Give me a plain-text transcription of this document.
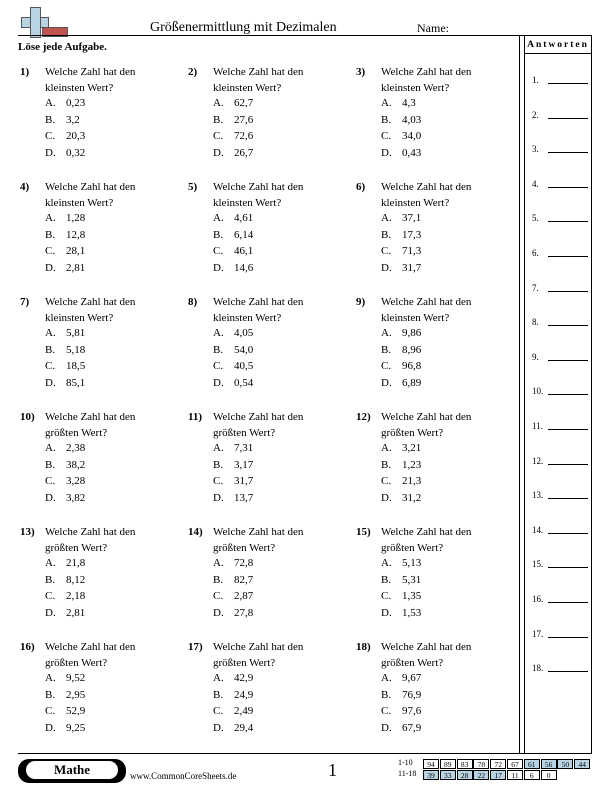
Größenermittlung mit Dezimalen	Name:
Löse jede Aufgabe.	Antworten
1.
2.
3.
4.
5.
6.
7.
8.
9.
10.
11.
12.
13.
14.
15.
16.
17.
18.
1) Welche Zahl hat den
kleinsten Wert?
A. 0,23
B. 3,2
C. 20,3
D. 0,32
2) Welche Zahl hat den
kleinsten Wert?
A. 62,7
B. 27,6
C. 72,6
D. 26,7
3) Welche Zahl hat den
kleinsten Wert?
A. 4,3
B. 4,03
C. 34,0
D. 0,43
4) Welche Zahl hat den
kleinsten Wert?
A. 1,28
B. 12,8
C. 28,1
D. 2,81
5) Welche Zahl hat den
kleinsten Wert?
A. 4,61
B. 6,14
C. 46,1
D. 14,6
6) Welche Zahl hat den
kleinsten Wert?
A. 37,1
B. 17,3
C. 71,3
D. 31,7
7) Welche Zahl hat den
kleinsten Wert?
A. 5,81
B. 5,18
C. 18,5
D. 85,1
8) Welche Zahl hat den
kleinsten Wert?
A. 4,05
B. 54,0
C. 40,5
D. 0,54
9) Welche Zahl hat den
kleinsten Wert?
A. 9,86
B. 8,96
C. 96,8
D. 6,89
10) Welche Zahl hat den
größten Wert?
A. 2,38
B. 38,2
C. 3,28
D. 3,82
11) Welche Zahl hat den
größten Wert?
A. 7,31
B. 3,17
C. 31,7
D. 13,7
12) Welche Zahl hat den
größten Wert?
A. 3,21
B. 1,23
C. 21,3
D. 31,2
13) Welche Zahl hat den
größten Wert?
A. 21,8
B. 8,12
C. 2,18
D. 2,81
14) Welche Zahl hat den
größten Wert?
A. 72,8
B. 82,7
C. 2,87
D. 27,8
15) Welche Zahl hat den
größten Wert?
A. 5,13
B. 5,31
C. 1,35
D. 1,53
16) Welche Zahl hat den
größten Wert?
A. 9,52
B. 2,95
C. 52,9
D. 9,25
17) Welche Zahl hat den
größten Wert?
A. 42,9
B. 24,9
C. 2,49
D. 29,4
18) Welche Zahl hat den
größten Wert?
A. 9,67
B. 76,9
C. 97,6
D. 67,9
Mathe	www.CommonCoreSheets.de	1	1-10	94	89	83	78	72	67	61	56	50	44
11-18	39	33	28	22	17	11	6	0
